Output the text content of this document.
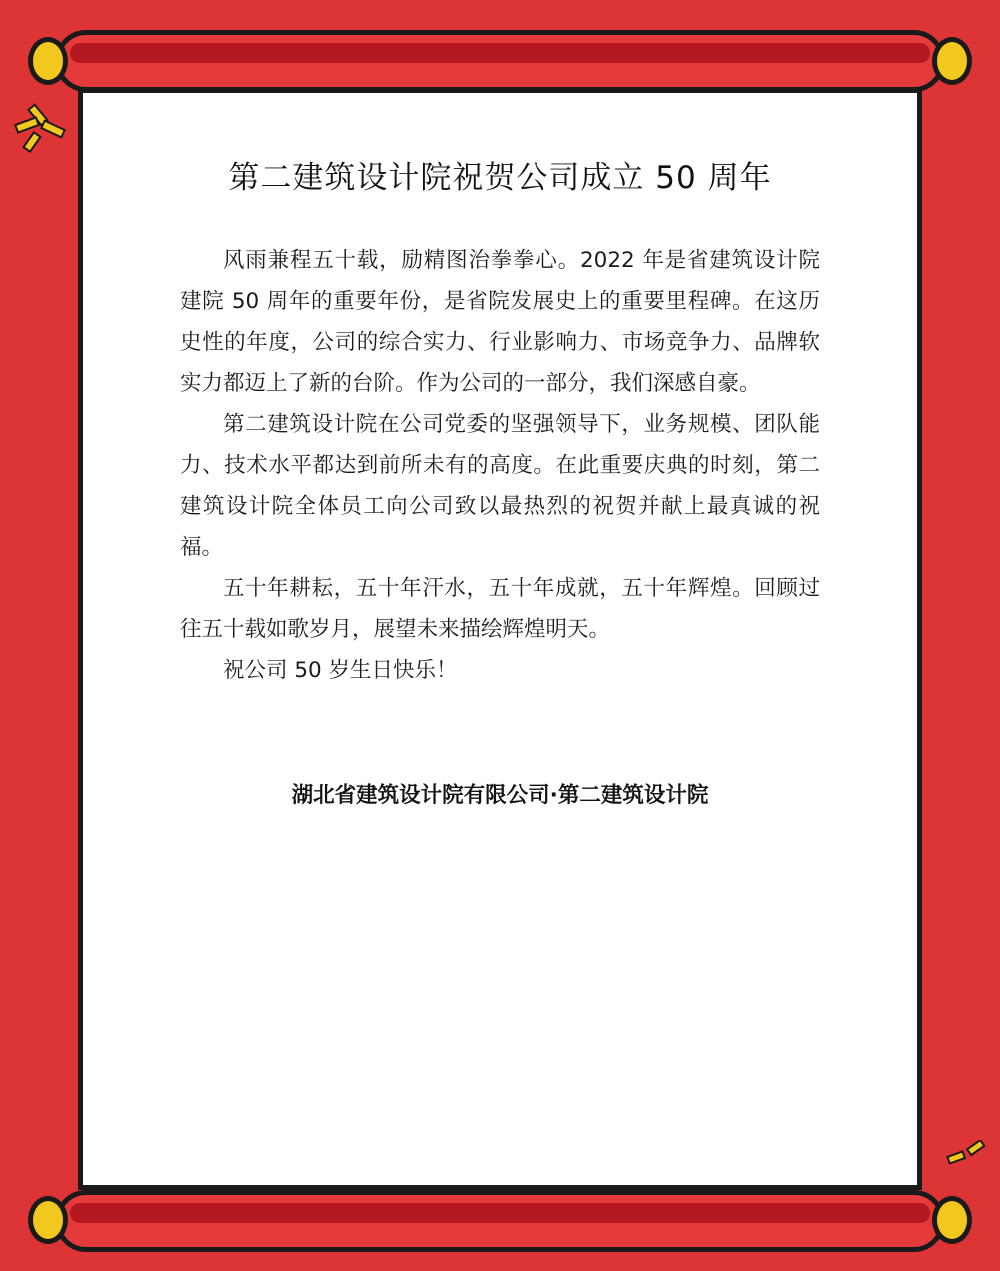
第二建筑设计院祝贺公司成立 50 周年

风雨兼程五十载，励精图治拳拳心。2022 年是省建筑设计院建院 50 周年的重要年份，是省院发展史上的重要里程碑。在这历史性的年度，公司的综合实力、行业影响力、市场竞争力、品牌软实力都迈上了新的台阶。作为公司的一部分，我们深感自豪。

第二建筑设计院在公司党委的坚强领导下，业务规模、团队能力、技术水平都达到前所未有的高度。在此重要庆典的时刻，第二建筑设计院全体员工向公司致以最热烈的祝贺并献上最真诚的祝福。

五十年耕耘，五十年汗水，五十年成就，五十年辉煌。回顾过往五十载如歌岁月，展望未来描绘辉煌明天。

祝公司 50 岁生日快乐！

湖北省建筑设计院有限公司·第二建筑设计院
